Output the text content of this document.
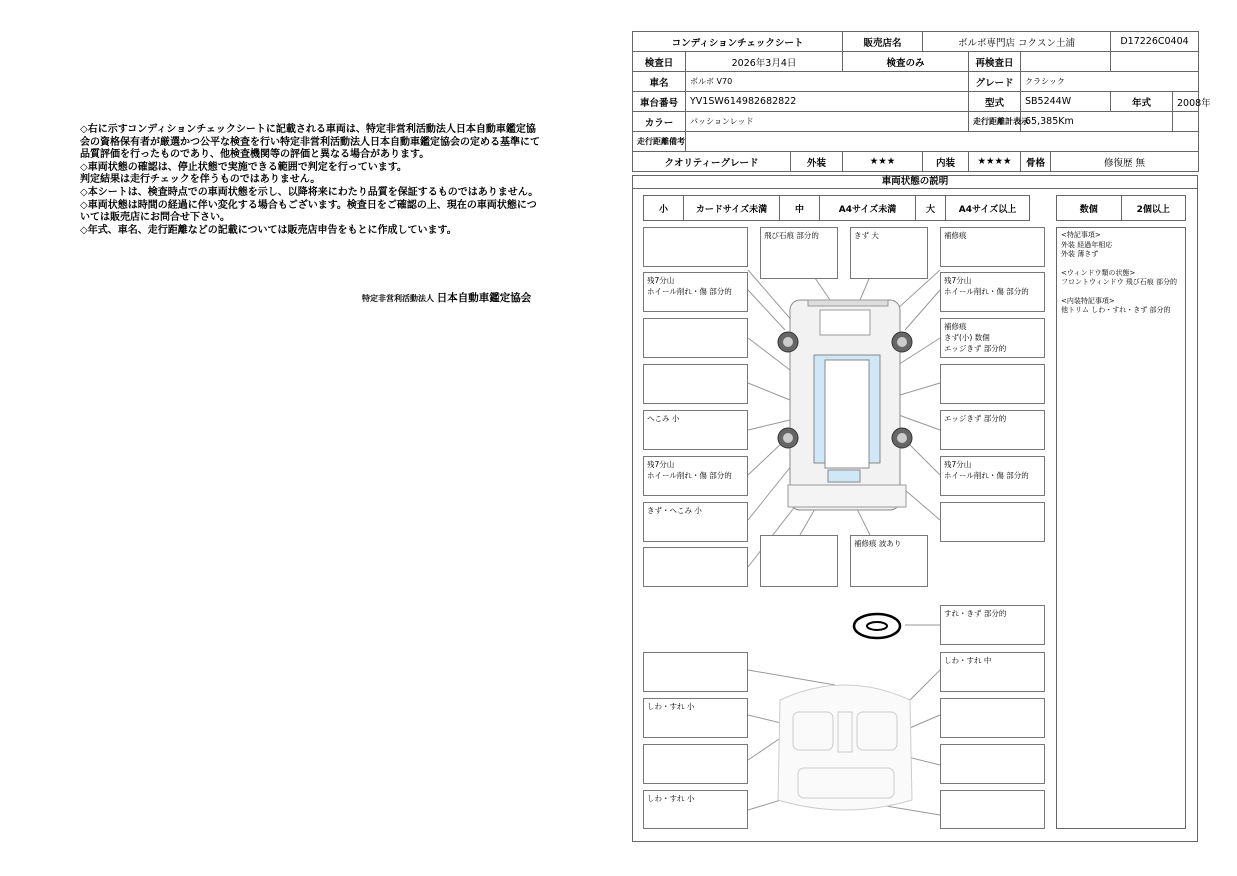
◇右に示すコンディションチェックシートに記載される車両は、特定非営利活動法人日本自動車鑑定協会の資格保有者が厳選かつ公平な検査を行い特定非営利活動法人日本自動車鑑定協会の定める基準にて品質評価を行ったものであり、他検査機関等の評価と異なる場合があります。
◇車両状態の確認は、停止状態で実施できる範囲で判定を行っています。
判定結果は走行チェックを伴うものではありません。
◇本シートは、検査時点での車両状態を示し、以降将来にわたり品質を保証するものではありません。
◇車両状態は時間の経過に伴い変化する場合もございます。検査日をご確認の上、現在の車両状態については販売店にお問合せ下さい。
◇年式、車名、走行距離などの記載については販売店申告をもとに作成しています。
特定非営利活動法人 日本自動車鑑定協会
コンディションチェックシート			販売店名	ボルボ専門店 コクスン土浦				D17226C0404	
検査日	2026年3月4日		検査のみ		再検査日				
車名	ボルボ V70				グレード	クラシック			
車台番号	YV1SW614982682822				型式	SB5244W		年式	2008年
カラー	パッションレッド				走行距離計表示	65,385Km			
走行距離備考									
クオリティーグレード		外装	★★★	内装	★★★★	骨格	修復歴 無		
車両状態の説明
小	カードサイズ未満	中	A4サイズ未満	大	A4サイズ以上	数個	2個以上
飛び石痕 部分的	きず 大	補修痕
残7分山
ホイール削れ・傷 部分的
へこみ 小
残7分山
ホイール削れ・傷 部分的
きず・へこみ 小
残7分山
ホイール削れ・傷 部分的
補修痕
きず(小) 数個
エッジきず 部分的
エッジきず 部分的
残7分山
ホイール削れ・傷 部分的
補修痕 波あり
すれ・きず 部分的
しわ・すれ 中
しわ・すれ 小
しわ・すれ 小
<特記事項>
外装 経過年相応
外装 薄きず
<ウィンドウ類の状態>
フロントウィンドウ 飛び石痕 部分的
<内装特記事項>
他トリム しわ・すれ・きず 部分的
